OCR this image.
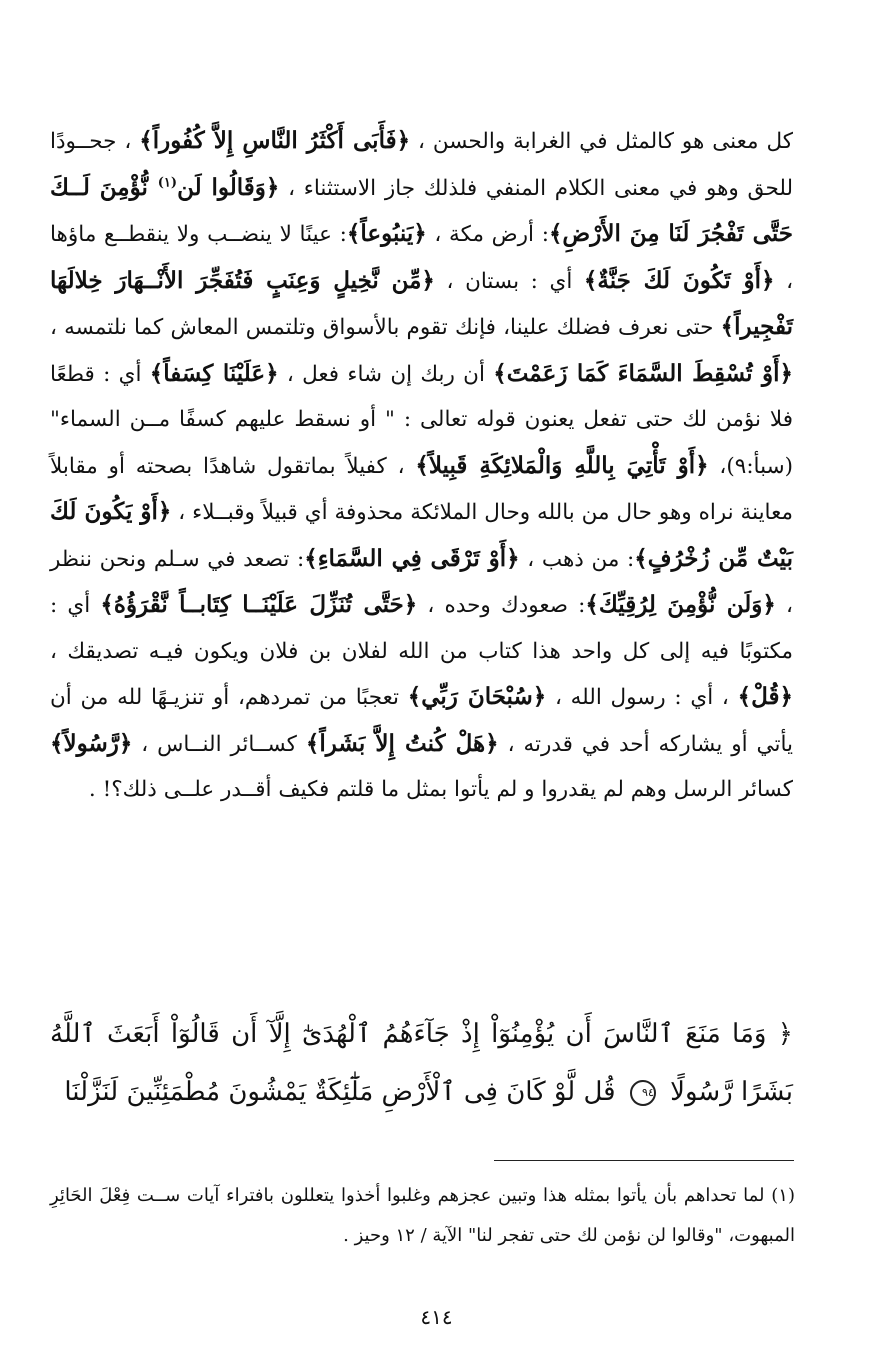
كل معنى هو كالمثل في الغرابة والحسن ، ﴿فَأَبَى أَكْثَرُ النَّاسِ إِلاَّ كُفُوراً﴾ ، جحــودًا للحق وهو في معنى الكلام المنفي فلذلك جاز الاستثناء ، ﴿وَقَالُوا لَن$^{(١)}$ نُّؤْمِنَ لَــكَ حَتَّى تَفْجُرَ لَنَا مِنَ الأَرْضِ﴾: أرض مكة ، ﴿يَنبُوعاً﴾: عينًا لا ينضــب ولا ينقطــع ماؤها ، ﴿أَوْ تَكُونَ لَكَ جَنَّةٌ﴾ أي : بستان ، ﴿مِّن نَّخِيلٍ وَعِنَبٍ فَتُفَجِّرَ الأَنْــهَارَ خِلالَهَا تَفْجِيراً﴾ حتى نعرف فضلك علينا، فإنك تقوم بالأسواق وتلتمس المعاش كما نلتمسه ، ﴿أَوْ تُسْقِطَ السَّمَاءَ كَمَا زَعَمْتَ﴾ أن ربك إن شاء فعل ، ﴿عَلَيْنَا كِسَفاً﴾ أي : قطعًا فلا نؤمن لك حتى تفعل يعنون قوله تعالى : " أو نسقط عليهم كسفًا مــن السماء" (سبأ:٩)، ﴿أَوْ تَأْتِيَ بِاللَّهِ وَالْمَلائِكَةِ قَبِيلاً﴾ ، كفيلاً بماتقول شاهدًا بصحته أو مقابلاً معاينة نراه وهو حال من بالله وحال الملائكة محذوفة أي قبيلاً وقبــلاء ، ﴿أَوْ يَكُونَ لَكَ بَيْتٌ مِّن زُخْرُفٍ﴾: من ذهب ، ﴿أَوْ تَرْقَى فِي السَّمَاءِ﴾: تصعد في سـلم ونحن ننظر ، ﴿وَلَن نُّؤْمِنَ لِرُقِيِّكَ﴾: صعودك وحده ، ﴿حَتَّى تُنَزِّلَ عَلَيْنَــا كِتَابــاً نَّقْرَؤُهُ﴾ أي : مكتوبًا فيه إلى كل واحد هذا كتاب من الله لفلان بن فلان ويكون فيـه تصديقك ، ﴿قُلْ﴾ ، أي : رسول الله ، ﴿سُبْحَانَ رَبِّي﴾ تعجبًا من تمردهم، أو تنزيـهًا لله من أن يأتي أو يشاركه أحد في قدرته ، ﴿هَلْ كُنتُ إِلاَّ بَشَراً﴾ كســائر النــاس ، ﴿رَّسُولاً﴾ كسائر الرسل وهم لم يقدروا و لم يأتوا بمثل ما قلتم فكيف أقــدر علــى ذلك؟! .

﴿ وَمَا مَنَعَ ٱلنَّاسَ أَن يُؤْمِنُوٓاْ إِذْ جَآءَهُمُ ٱلْهُدَىٰٓ إِلَّآ أَن قَالُوٓاْ أَبَعَثَ ٱللَّهُ بَشَرًا رَّسُولًا ٩٤ قُل لَّوْ كَانَ فِى ٱلْأَرْضِ مَلَٰٓئِكَةٌ يَمْشُونَ مُطْمَئِنِّينَ لَنَزَّلْنَا

(١) لما تحداهم بأن يأتوا بمثله هذا وتبين عجزهم وغلبوا أخذوا يتعللون بافتراء آيات ســت فِعْلَ الحَائِرِ المبهوت، "وقالوا لن نؤمن لك حتى تفجر لنا" الآية / ١٢ وحيز .

٤١٤
